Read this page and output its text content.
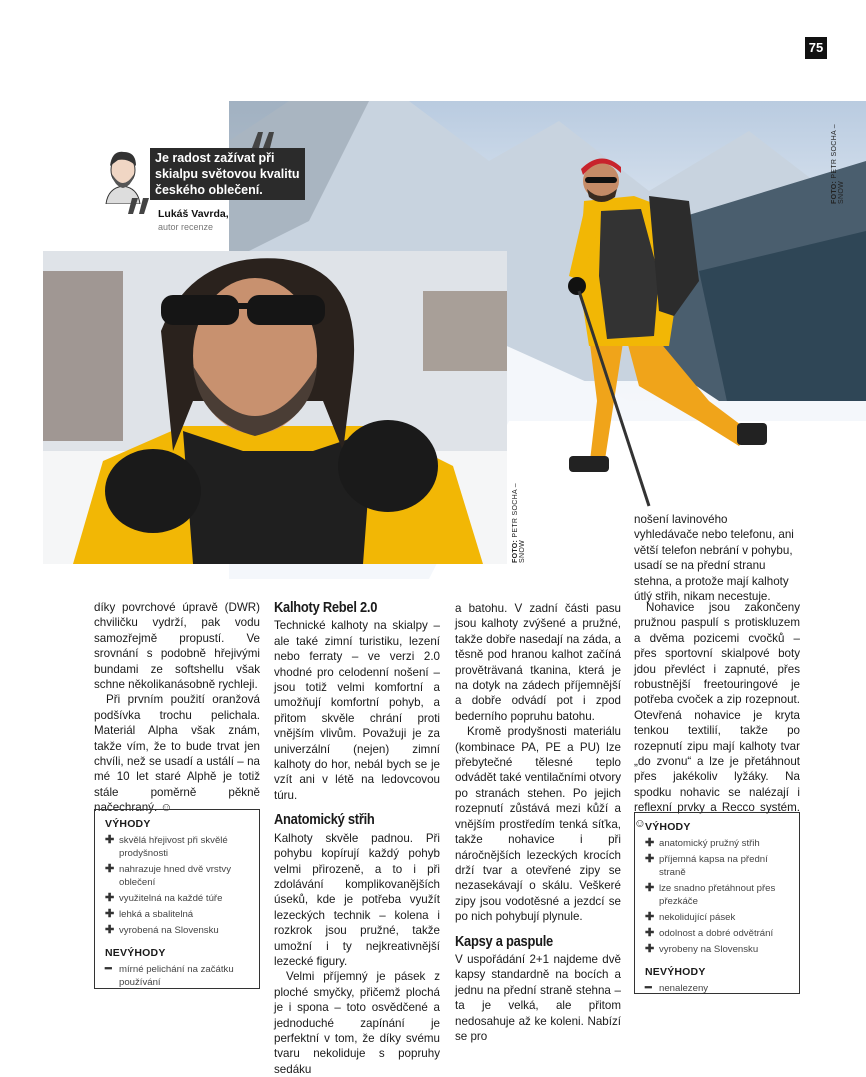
75
FOTO: PETR SOCHA – SNOW
FOTO: PETR SOCHA – SNOW
Je radost zažívat při skialpu světovou kvalitu českého oblečení.
Lukáš Vavrda,
autor recenze

nošení lavinového vyhledávače nebo telefonu, ani větší telefon nebrání v pohybu, usadí se na přední stranu stehna, a protože mají kalhoty útlý střih, nikam necestuje.

díky povrchové úpravě (DWR) chviličku vydrží, pak vodu samozřejmě propustí. Ve srovnání s podobně hřejivými bundami ze softshellu však schne několikanásobně rychleji.

Při prvním použití oranžová podšívka trochu pelichala. Materiál Alpha však znám, takže vím, že to bude trvat jen chvíli, než se usadí a ustálí – na mé 10 let staré Alphě je totiž stále poměrně pěkně načechraný. ☺

VÝHODY
✚ skvělá hřejivost při skvělé prodyšnosti
✚ nahrazuje hned dvě vrstvy oblečení
✚ využitelná na každé túře
✚ lehká a sbalitelná
✚ vyrobená na Slovensku
NEVÝHODY
━ mírné pelichání na začátku používání
Kalhoty Rebel 2.0

Technické kalhoty na skialpy – ale také zimní turistiku, lezení nebo ferraty – ve verzi 2.0 vhodné pro celodenní nošení – jsou totiž velmi komfortní a umožňují komfortní pohyb, a přitom skvěle chrání proti vnějším vlivům. Považuji je za univerzální (nejen) zimní kalhoty do hor, nebál bych se je vzít ani v létě na ledovcovou túru.

Anatomický střih

Kalhoty skvěle padnou. Při pohybu kopírují každý pohyb velmi přirozeně, a to i při zdolávání komplikovanějších úseků, kde je potřeba využít lezeckých technik – kolena i rozkrok jsou pružné, takže umožní i ty nejkreativnější lezecké figury.

Velmi příjemný je pásek z ploché smyčky, přičemž plochá je i spona – toto osvědčené a jednoduché zapínání je perfektní v tom, že díky svému tvaru nekoliduje s popruhy sedáku

a batohu. V zadní části pasu jsou kalhoty zvýšené a pružné, takže dobře nasedají na záda, a těsně pod hranou kalhot začíná prověträvaná tkanina, která je na dotyk na zádech příjemnější a dobře odvádí pot i zpod bederního popruhu batohu.

Kromě prodyšnosti materiálu (kombinace PA, PE a PU) lze přebytečné tělesné teplo odvádět také ventilačními otvory po stranách stehen. Po jejich rozepnutí zůstává mezi kůží a vnějším prostředím tenká síťka, takže nohavice i při náročnějších lezeckých krocích drží tvar a otevřené zipy se nezasekávají o skálu. Veškeré zipy jsou vodotěsné a jezdcí se po nich pohybují plynule.

Kapsy a paspule

V uspořádání 2+1 najdeme dvě kapsy standardně na bocích a jednu na přední straně stehna – ta je velká, ale přitom nedosahuje až ke koleni. Nabízí se pro

Nohavice jsou zakončeny pružnou paspulí s protiskluzem a dvěma pozicemi cvočků – přes sportovní skialpové boty jdou převléct i zapnuté, přes robustnější freetouringové je potřeba cvoček a zip rozepnout. Otevřená nohavice je kryta tenkou textilií, takže po rozepnutí zipu mají kalhoty tvar „do zvonu“ a lze je přetáhnout přes jakékoliv lyžáky. Na spodku nohavic se nalézají i reflexní prvky a Recco systém. ☺ VÝHODY
✚ anatomický pružný střih
✚ příjemná kapsa na přední straně
✚ lze snadno přetáhnout přes přezkáče
✚ nekolidující pásek
✚ odolnost a dobré odvětrání
✚ vyrobeny na Slovensku
NEVÝHODY
━ nenalezeny
